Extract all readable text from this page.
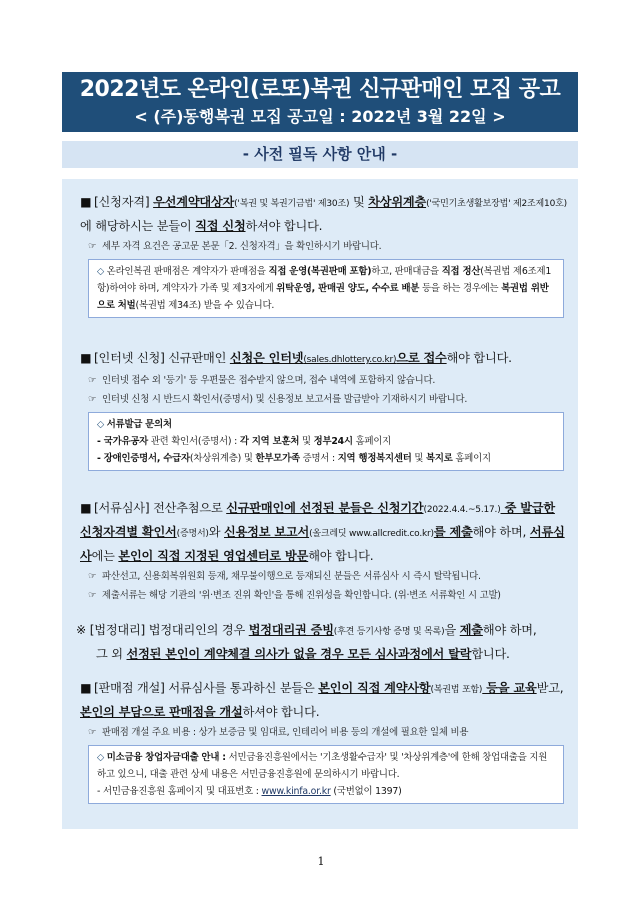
2022년도 온라인(로또)복권 신규판매인 모집 공고
< (주)동행복권 모집 공고일 : 2022년 3월 22일 >
- 사전 필독 사항 안내 -
■ [신청자격] 우선계약대상자('복권 및 복권기금법' 제30조) 및 차상위계층('국민기초생활보장법' 제2조제10호)에 해당하시는 분들이 직접 신청하셔야 합니다.
☞ 세부 자격 요건은 공고문 본문「2. 신청자격」을 확인하시기 바랍니다.
◇ 온라인복권 판매점은 계약자가 판매점을 직접 운영(복권판매 포함)하고, 판매대금을 직접 정산(복권법 제6조제1항)하여야 하며, 계약자가 가족 및 제3자에게 위탁운영, 판매권 양도, 수수료 배분 등을 하는 경우에는 복권법 위반으로 처벌(복권법 제34조) 받을 수 있습니다.
■ [인터넷 신청] 신규판매인 신청은 인터넷(sales.dhlottery.co.kr)으로 접수해야 합니다.
☞ 인터넷 접수 외 '등기' 등 우편물은 접수받지 않으며, 접수 내역에 포함하지 않습니다.
☞ 인터넷 신청 시 반드시 확인서(증명서) 및 신용정보 보고서를 발급받아 기재하시기 바랍니다.
◇ 서류발급 문의처
- 국가유공자 관련 확인서(증명서) : 각 지역 보훈처 및 정부24시 홈페이지
- 장애인증명서, 수급자(차상위계층) 및 한부모가족 증명서 : 지역 행정복지센터 및 복지로 홈페이지
■ [서류심사] 전산추첨으로 신규판매인에 선정된 분들은 신청기간(2022.4.4.~5.17.) 중 발급한 신청자격별 확인서(증명서)와 신용정보 보고서(올크레딧 www.allcredit.co.kr)를 제출해야 하며, 서류심사에는 본인이 직접 지정된 영업센터로 방문해야 합니다.
☞ 파산선고, 신용회복위원회 등재, 채무불이행으로 등재되신 분들은 서류심사 시 즉시 탈락됩니다.
☞ 제출서류는 해당 기관의 '위·변조 진위 확인'을 통해 진위성을 확인합니다. (위·변조 서류확인 시 고발)
※ [법정대리] 법정대리인의 경우 법정대리권 증빙(후견 등기사항 증명 및 목록)을 제출해야 하며,
그 외 선정된 본인이 계약체결 의사가 없을 경우 모든 심사과정에서 탈락합니다.
■ [판매점 개설] 서류심사를 통과하신 분들은 본인이 직접 계약사항(복권법 포함) 등을 교육받고, 본인의 부담으로 판매점을 개설하셔야 합니다.
☞ 판매점 개설 주요 비용 : 상가 보증금 및 임대료, 인테리어 비용 등의 개설에 필요한 일체 비용
◇ 미소금융 창업자금대출 안내 : 서민금융진흥원에서는 '기초생활수급자' 및 '차상위계층'에 한해 창업대출을 지원하고 있으니, 대출 관련 상세 내용은 서민금융진흥원에 문의하시기 바랍니다.
- 서민금융진흥원 홈페이지 및 대표번호 : www.kinfa.or.kr (국번없이 1397)
1
